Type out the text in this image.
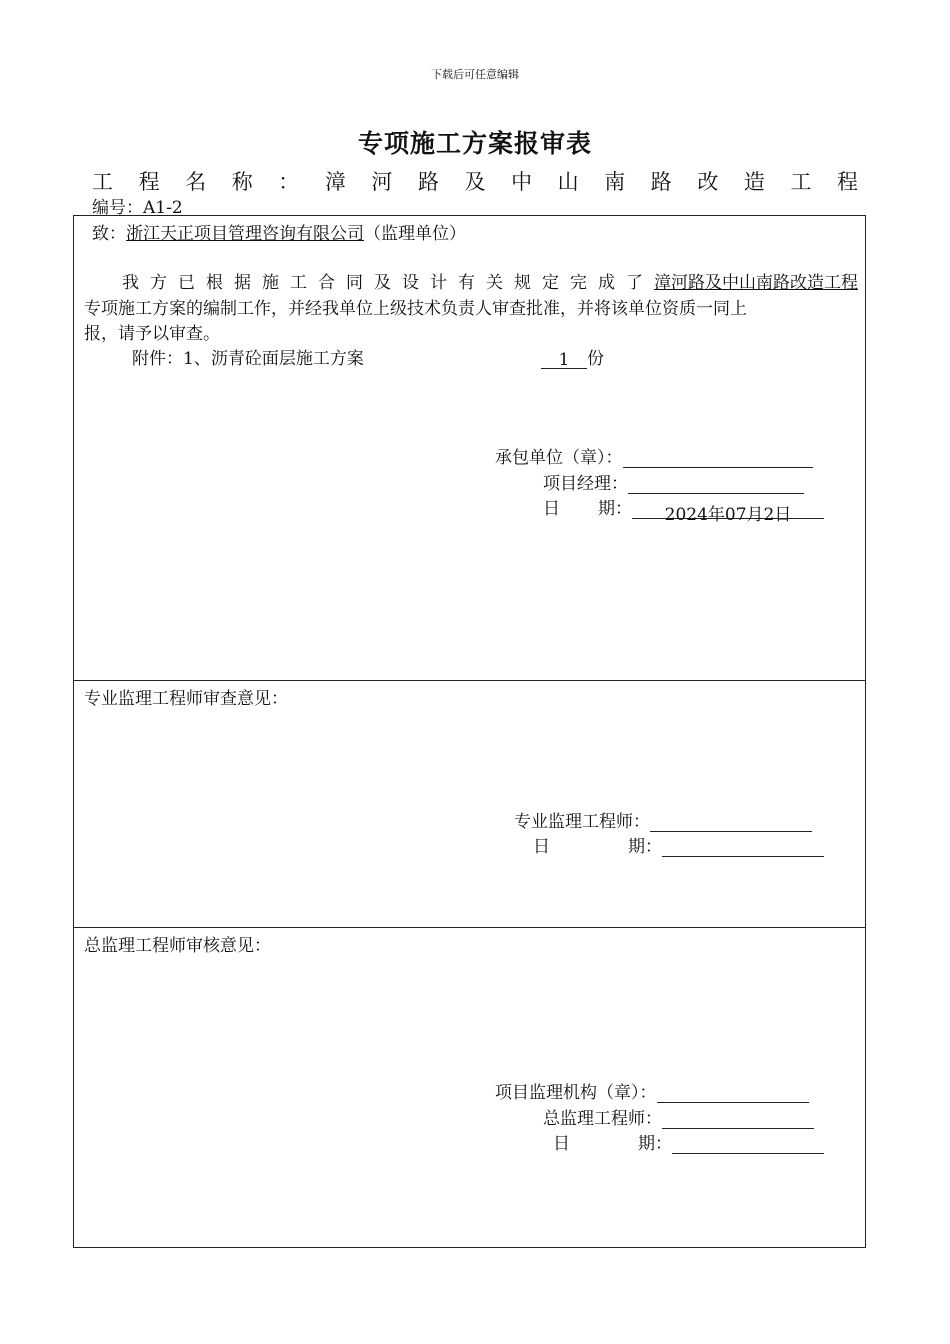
下载后可任意编辑
专项施工方案报审表
工 程 名 称 ： 漳 河 路 及 中 山 南 路 改 造 工 程
编号：A1-2
致：浙江天正项目管理咨询有限公司（监理单位）
我 方 已 根 据 施 工 合 同 及 设 计 有 关 规 定 完 成 了 漳河路及中山南路改造工程
专项施工方案的编制工作，并经我单位上级技术负责人审查批准，并将该单位资质一同上
报，请予以审查。
附件：1、沥青砼面层施工方案	1 份
承包单位（章）：
项目经理：
日 期： 2024年07月2日
专业监理工程师审查意见：
专业监理工程师：
日	期：
总监理工程师审核意见：
项目监理机构（章）：
总监理工程师：
日	期：
